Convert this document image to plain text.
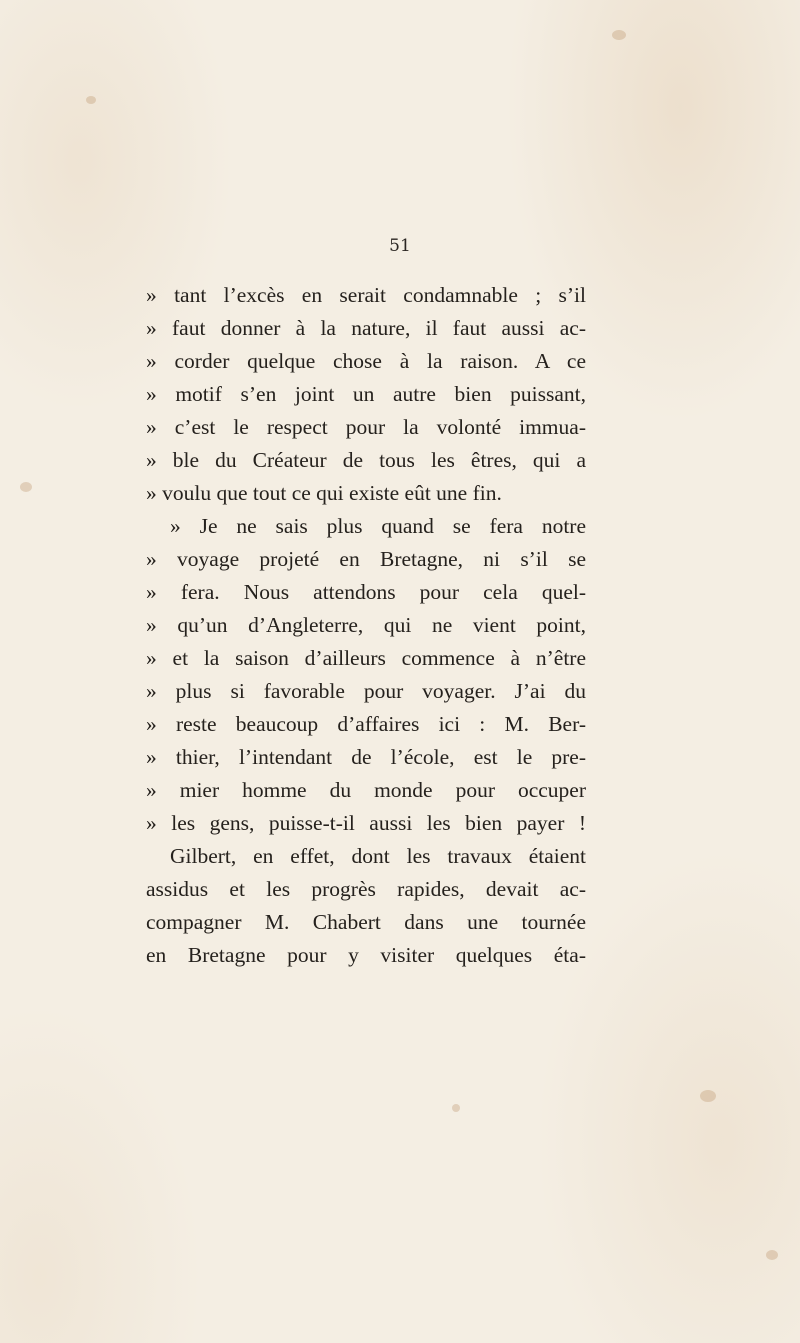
51
» tant l’excès en serait condamnable ; s’il
» faut donner à la nature, il faut aussi ac-
» corder quelque chose à la raison. A ce
» motif s’en joint un autre bien puissant,
» c’est le respect pour la volonté immua-
» ble du Créateur de tous les êtres, qui a
» voulu que tout ce qui existe eût une fin.
» Je ne sais plus quand se fera notre
» voyage projeté en Bretagne, ni s’il se
» fera. Nous attendons pour cela quel-
» qu’un d’Angleterre, qui ne vient point,
» et la saison d’ailleurs commence à n’être
» plus si favorable pour voyager. J’ai du
» reste beaucoup d’affaires ici : M. Ber-
» thier, l’intendant de l’école, est le pre-
» mier homme du monde pour occuper
» les gens, puisse-t-il aussi les bien payer !
Gilbert, en effet, dont les travaux étaient
assidus et les progrès rapides, devait ac-
compagner M. Chabert dans une tournée
en Bretagne pour y visiter quelques éta-
